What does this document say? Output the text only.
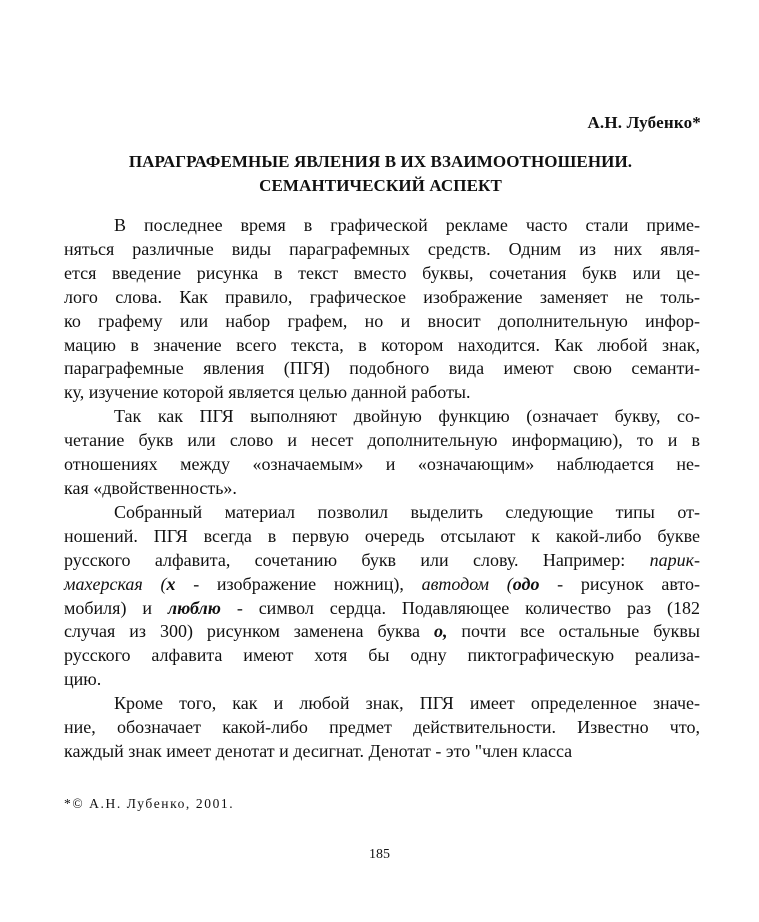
А.Н. Лубенко*
ПАРАГРАФЕМНЫЕ ЯВЛЕНИЯ В ИХ ВЗАИМООТНОШЕНИИ.
СЕМАНТИЧЕСКИЙ АСПЕКТ
В последнее время в графической рекламе часто стали приме-
няться различные виды параграфемных средств. Одним из них явля-
ется введение рисунка в текст вместо буквы, сочетания букв или це-
лого слова. Как правило, графическое изображение заменяет не толь-
ко графему или набор графем, но и вносит дополнительную инфор-
мацию в значение всего текста, в котором находится. Как любой знак,
параграфемные явления (ПГЯ) подобного вида имеют свою семанти-
ку, изучение которой является целью данной работы.
Так как ПГЯ выполняют двойную функцию (означает букву, со-
четание букв или слово и несет дополнительную информацию), то и в
отношениях между «означаемым» и «означающим» наблюдается не-
кая «двойственность».
Собранный материал позволил выделить следующие типы от-
ношений. ПГЯ всегда в первую очередь отсылают к какой-либо букве
русского алфавита, сочетанию букв или слову. Например: парик-
махерская (х - изображение ножниц), автодом (одо - рисунок авто-
мобиля) и люблю - символ сердца. Подавляющее количество раз (182
случая из 300) рисунком заменена буква о, почти все остальные буквы
русского алфавита имеют хотя бы одну пиктографическую реализа-
цию.
Кроме того, как и любой знак, ПГЯ имеет определенное значе-
ние, обозначает какой-либо предмет действительности. Известно что,
каждый знак имеет денотат и десигнат. Денотат - это "член класса
*© А.Н. Лубенко, 2001.
185
